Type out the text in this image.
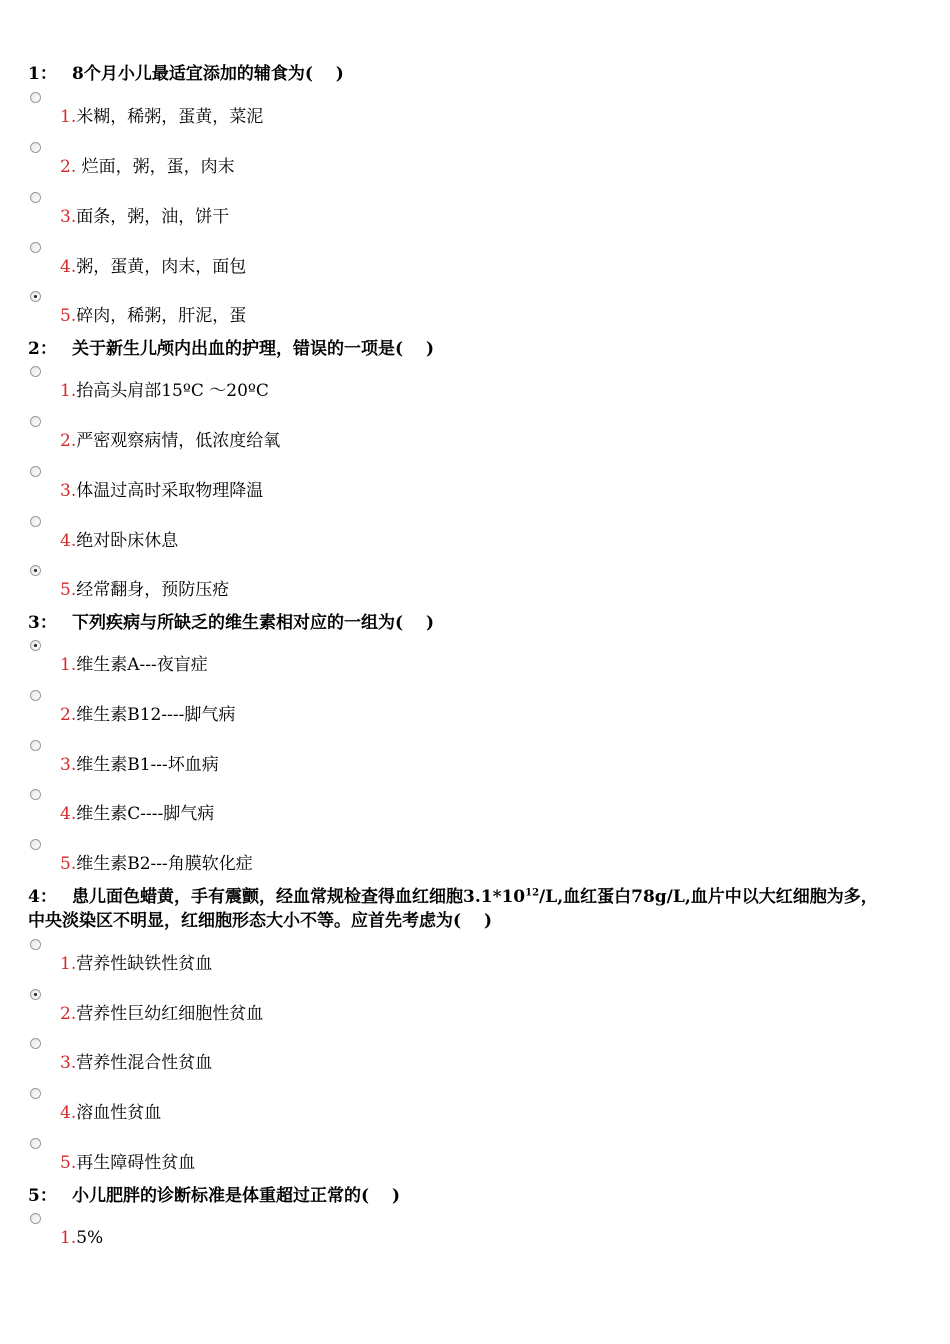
1： 8个月小儿最适宜添加的辅食为(　 )
1.米糊，稀粥，蛋黄，菜泥
2. 烂面，粥，蛋，肉末
3.面条，粥，油，饼干
4.粥，蛋黄，肉末，面包
5.碎肉，稀粥，肝泥，蛋
2： 关于新生儿颅内出血的护理，错误的一项是(　 )
1.抬高头肩部15ºC ～20ºC
2.严密观察病情，低浓度给氧
3.体温过高时采取物理降温
4.绝对卧床休息
5.经常翻身，预防压疮
3： 下列疾病与所缺乏的维生素相对应的一组为(　 )
1.维生素A---夜盲症
2.维生素B12----脚气病
3.维生素B1---坏血病
4.维生素C----脚气病
5.维生素B2---角膜软化症
4： 患儿面色蜡黄，手有震颤，经血常规检查得血红细胞$3.1*10^{12}/L$,血红蛋白78g/L,血片中以大红细胞为多，中央淡染区不明显，红细胞形态大小不等。应首先考虑为(　 )
1.营养性缺铁性贫血
2.营养性巨幼红细胞性贫血
3.营养性混合性贫血
4.溶血性贫血
5.再生障碍性贫血
5： 小儿肥胖的诊断标准是体重超过正常的(　 )
1.5%
